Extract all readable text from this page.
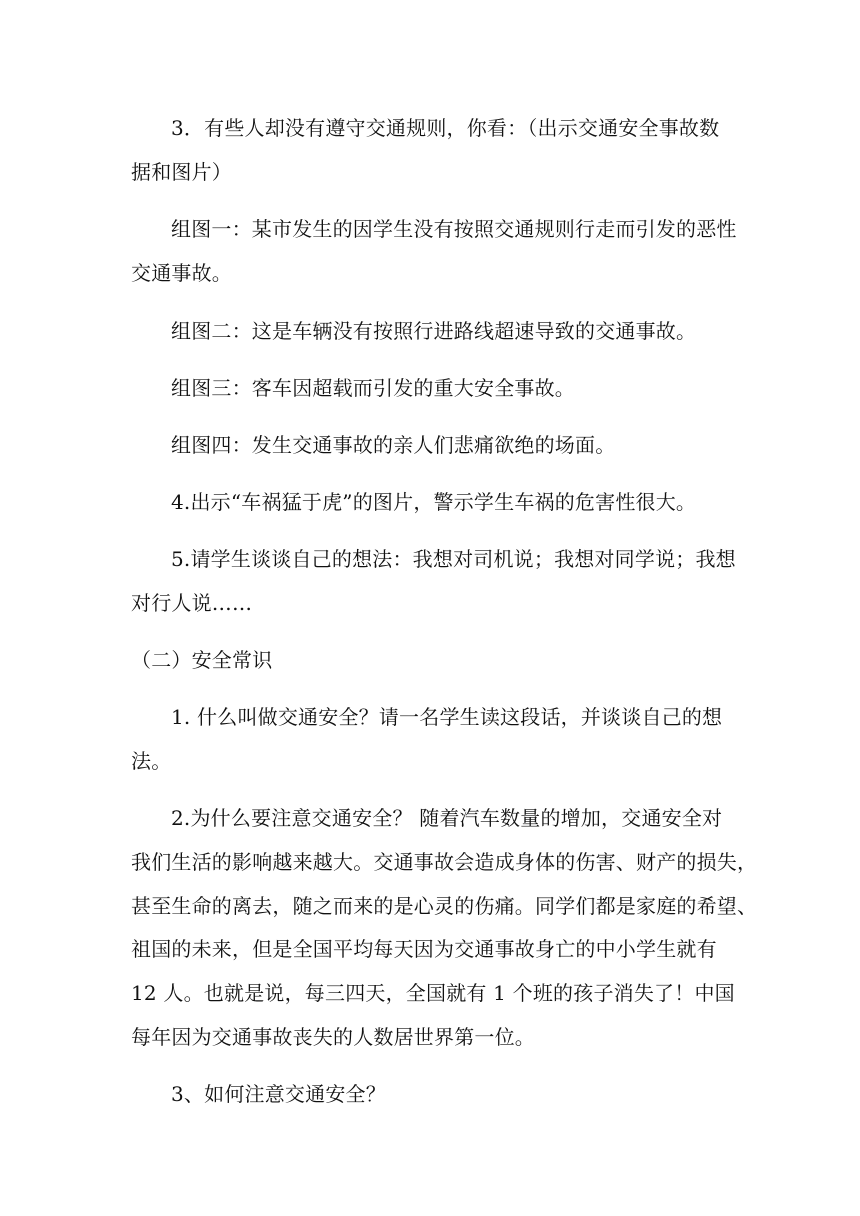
3．有些人却没有遵守交通规则，你看：（出示交通安全事故数
据和图片）
组图一：某市发生的因学生没有按照交通规则行走而引发的恶性
交通事故。
组图二：这是车辆没有按照行进路线超速导致的交通事故。
组图三：客车因超载而引发的重大安全事故。
组图四：发生交通事故的亲人们悲痛欲绝的场面。
4.出示“车祸猛于虎”的图片，警示学生车祸的危害性很大。
5.请学生谈谈自己的想法：我想对司机说；我想对同学说；我想
对行人说……
（二）安全常识
1. 什么叫做交通安全？请一名学生读这段话，并谈谈自己的想
法。
2.为什么要注意交通安全？ 随着汽车数量的增加，交通安全对
我们生活的影响越来越大。交通事故会造成身体的伤害、财产的损失，
甚至生命的离去，随之而来的是心灵的伤痛。同学们都是家庭的希望、
祖国的未来，但是全国平均每天因为交通事故身亡的中小学生就有
12 人。也就是说，每三四天，全国就有 1 个班的孩子消失了！中国
每年因为交通事故丧失的人数居世界第一位。
3、如何注意交通安全？
